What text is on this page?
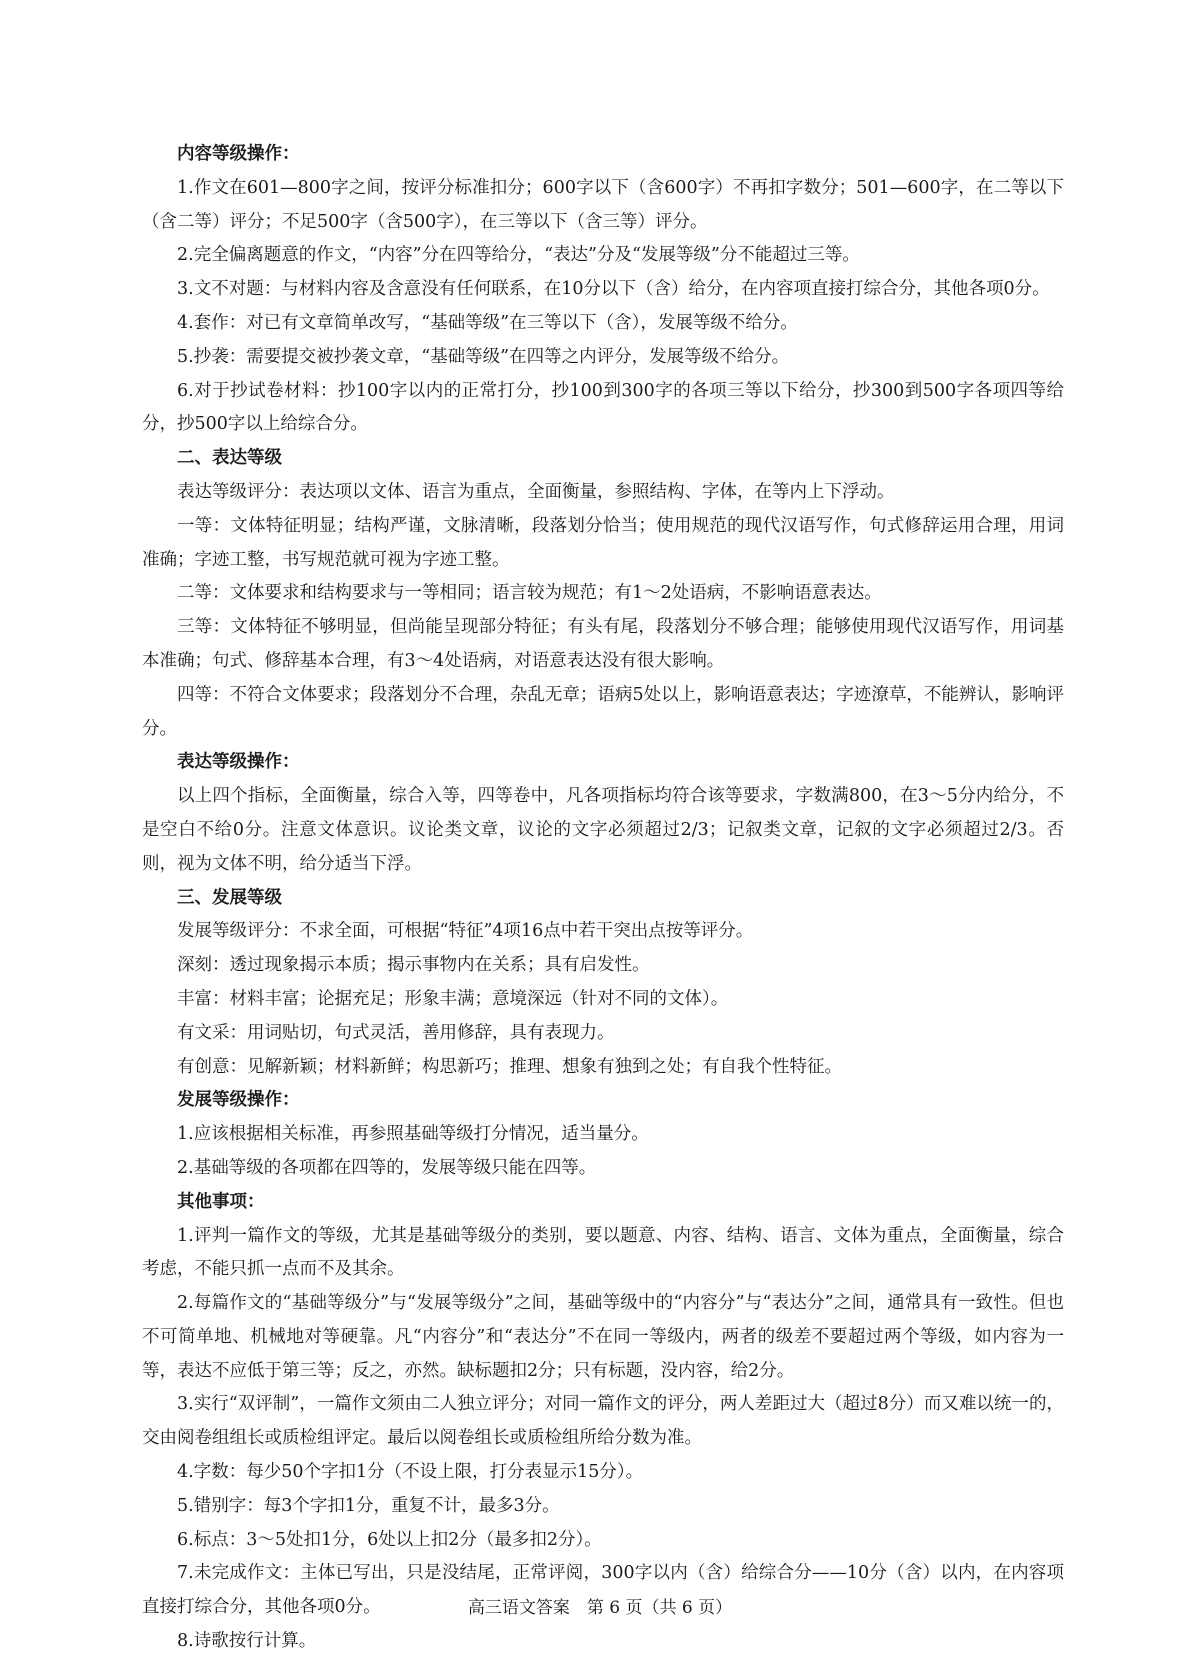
内容等级操作：

1.作文在601—800字之间，按评分标准扣分；600字以下（含600字）不再扣字数分；501—600字，在二等以下（含二等）评分；不足500字（含500字），在三等以下（含三等）评分。

2.完全偏离题意的作文，“内容”分在四等给分，“表达”分及“发展等级”分不能超过三等。

3.文不对题：与材料内容及含意没有任何联系，在10分以下（含）给分，在内容项直接打综合分，其他各项0分。

4.套作：对已有文章简单改写，“基础等级”在三等以下（含），发展等级不给分。

5.抄袭：需要提交被抄袭文章，“基础等级”在四等之内评分，发展等级不给分。

6.对于抄试卷材料：抄100字以内的正常打分，抄100到300字的各项三等以下给分，抄300到500字各项四等给分，抄500字以上给综合分。

二、表达等级

表达等级评分：表达项以文体、语言为重点，全面衡量，参照结构、字体，在等内上下浮动。

一等：文体特征明显；结构严谨，文脉清晰，段落划分恰当；使用规范的现代汉语写作，句式修辞运用合理，用词准确；字迹工整，书写规范就可视为字迹工整。

二等：文体要求和结构要求与一等相同；语言较为规范；有1～2处语病，不影响语意表达。

三等：文体特征不够明显，但尚能呈现部分特征；有头有尾，段落划分不够合理；能够使用现代汉语写作，用词基本准确；句式、修辞基本合理，有3～4处语病，对语意表达没有很大影响。

四等：不符合文体要求；段落划分不合理，杂乱无章；语病5处以上，影响语意表达；字迹潦草，不能辨认，影响评分。

表达等级操作：

以上四个指标，全面衡量，综合入等，四等卷中，凡各项指标均符合该等要求，字数满800，在3～5分内给分，不是空白不给0分。注意文体意识。议论类文章，议论的文字必须超过2/3；记叙类文章，记叙的文字必须超过2/3。否则，视为文体不明，给分适当下浮。

三、发展等级

发展等级评分：不求全面，可根据“特征”4项16点中若干突出点按等评分。

深刻：透过现象揭示本质；揭示事物内在关系；具有启发性。

丰富：材料丰富；论据充足；形象丰满；意境深远（针对不同的文体）。

有文采：用词贴切，句式灵活，善用修辞，具有表现力。

有创意：见解新颖；材料新鲜；构思新巧；推理、想象有独到之处；有自我个性特征。

发展等级操作：

1.应该根据相关标准，再参照基础等级打分情况，适当量分。

2.基础等级的各项都在四等的，发展等级只能在四等。

其他事项：

1.评判一篇作文的等级，尤其是基础等级分的类别，要以题意、内容、结构、语言、文体为重点，全面衡量，综合考虑，不能只抓一点而不及其余。

2.每篇作文的“基础等级分”与“发展等级分”之间，基础等级中的“内容分”与“表达分”之间，通常具有一致性。但也不可简单地、机械地对等硬靠。凡“内容分”和“表达分”不在同一等级内，两者的级差不要超过两个等级，如内容为一等，表达不应低于第三等；反之，亦然。缺标题扣2分；只有标题，没内容，给2分。

3.实行“双评制”，一篇作文须由二人独立评分；对同一篇作文的评分，两人差距过大（超过8分）而又难以统一的，交由阅卷组组长或质检组评定。最后以阅卷组长或质检组所给分数为准。

4.字数：每少50个字扣1分（不设上限，打分表显示15分）。

5.错别字：每3个字扣1分，重复不计，最多3分。

6.标点：3～5处扣1分，6处以上扣2分（最多扣2分）。

7.未完成作文：主体已写出，只是没结尾，正常评阅，300字以内（含）给综合分——10分（含）以内，在内容项直接打综合分，其他各项0分。

8.诗歌按行计算。

高三语文答案　第 6 页（共 6 页）
